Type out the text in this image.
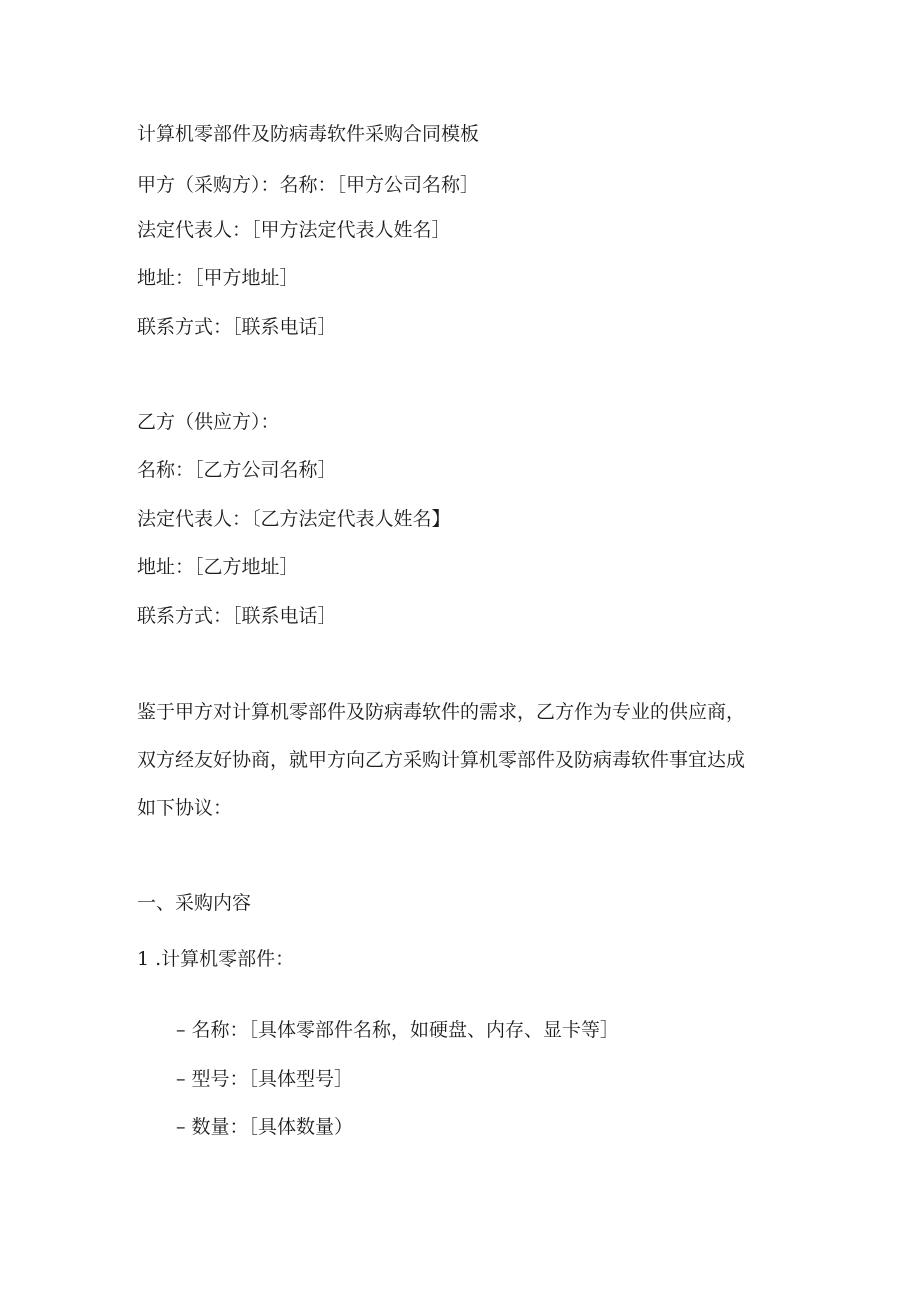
计算机零部件及防病毒软件采购合同模板
甲方（采购方）：名称：［甲方公司名称］
法定代表人：［甲方法定代表人姓名］
地址：［甲方地址］
联系方式：［联系电话］
乙方（供应方）：
名称：［乙方公司名称］
法定代表人：〔乙方法定代表人姓名】
地址：［乙方地址］
联系方式：［联系电话］
鉴于甲方对计算机零部件及防病毒软件的需求，乙方作为专业的供应商，
双方经友好协商，就甲方向乙方采购计算机零部件及防病毒软件事宜达成
如下协议：
一、采购内容
1 .计算机零部件：
– 名称：［具体零部件名称，如硬盘、内存、显卡等］
– 型号：［具体型号］
– 数量：［具体数量）
